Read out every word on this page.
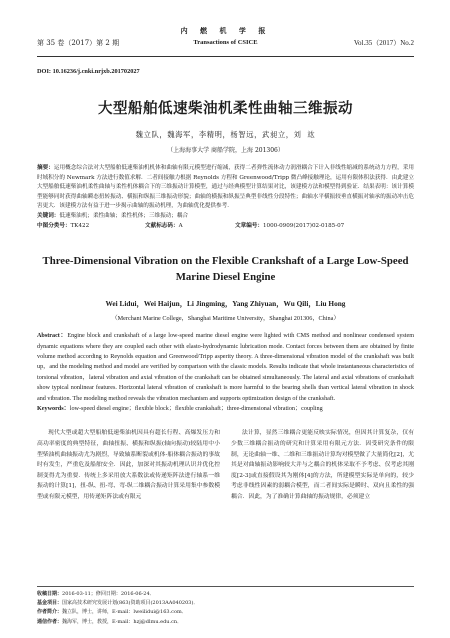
第 35 卷（2017）第 2 期
内 燃 机 学 报
Transactions of CSICE	Vol.35（2017）No.2
DOI: 10.16236/j.cnki.nrjxb.201702027
大型船舶低速柴油机柔性曲轴三维振动
魏立队，魏海军，李精明，杨智远，武昶立，刘 竑
（上海海事大学 商船学院，上海 201306）
摘要：运用概念综合法对大型船舶低速柴油机机体和曲轴有限元模型进行缩减，获得二者弹性流体动力润滑耦合下计入非线性缩减的系统动力方程，采用时域积分的 Newmark 方法进行数值求解．二者间接触力根据 Reynolds 方程和 Greenwood/Tripp 微凸峰接触理论，运用有限体积法获得．由此建立大型船舶低速柴油机柔性曲轴与柔性机体耦合下的三维振动计算模型，通过与经典模型计算结果对比，该建模方法和模型得到验证．结果表明：该计算模型能够同时获得曲轴瞬态扭转振动、横振和纵振三维振动形貌；曲轴的横振和纵振呈典型非线性分段特性；曲轴水平横振较垂直横振对轴承的振动冲击危害更大．该建模方法有益于进一步揭示曲轴的振动机理，为曲轴优化提供参考．
关键词：低速柴油机；柔性曲轴；柔性机体；三维振动；耦合
中图分类号：TK422	文献标志码：A	文章编号：1000-0909(2017)02-0185-07
Three-Dimensional Vibration on the Flexible Crankshaft of a Large Low-Speed Marine Diesel Engine
Wei Lidui，Wei Haijun，Li Jingming，Yang Zhiyuan，Wu Qili，Liu Hong
（Merchant Marine College，Shanghai Maritime University，Shanghai 201306，China）
Abstract：Engine block and crankshaft of a large low-speed marine diesel engine were lighted with CMS method and nonlinear condensed system dynamic equations where they are coupled each other with elasto-hydrodynamic lubrication mode. Contact forces between them are obtained by finite volume method according to Reynolds equation and Greenwood/Tripp asperity theory. A three-dimensional vibration model of the crankshaft was built up，and the modeling method and model are verified by comparison with the classic models. Results indicate that whole instantaneous characteristics of torsional vibration，lateral vibration and axial vibration of the crankshaft can be obtained simultaneously. The lateral and axial vibrations of crankshaft show typical nonlinear features. Horizontal lateral vibration of crankshaft is more harmful to the bearing shells than vertical lateral vibration in shock and vibration. The modeling method reveals the vibration mechanism and supports optimization design of the crankshaft.
Keywords：low-speed diesel engine；flexible block；flexible crankshaft；three-dimensional vibration；coupling
现代大型或超大型船舶低速柴油机因具有超长行程、高爆发压力和高功率密度的典型特征，曲轴扭振、横振和纵振(轴向振动)较陆用中小型柴油机曲轴振动尤为剧烈，导致轴系断裂或机体-船体耦合振动的事故时有发生，严重危及船舶安全．因此，加深对其振动机理认识并优化控制变得尤为重要．传统上多采用放大系数法或传递矩阵法进行轴系一维振动的计算[1]，扭-纵、扭-弯、弯-纵二维耦合振动计算采用集中参数模型或有限元模型，用传递矩阵法或有限元
法计算，显然三维耦合更能反映实际情况，但因其计算复杂，仅有少数三维耦合振动的研究和计算采用有限元方法．因受研究条件的限制，无论曲轴一维、二维和三维振动计算均对模型做了大量简化[2]，尤其是对曲轴振动影响较大并与之耦合的机体采取不予考虑、仅考虑其刚度[2-3]或直接假设其为刚体[4]的方法，所建模型实际是单向的，较少考虑非线性因素的弱耦合模型，而二者间实际是瞬时、双向且柔性的强耦合．因此，为了准确计算曲轴的振动规律，必须建立
收稿日期：2016-03-11；修回日期：2016-06-24．
基金项目：国家高技术研究发展计划(863)资助项目(2013AA040203)．
作者简介：魏立队，博士，讲师，E-mail：lweilidui@163.com．
通信作者：魏海军，博士，教授，E-mail：hzj@dlmu.edu.cn．
